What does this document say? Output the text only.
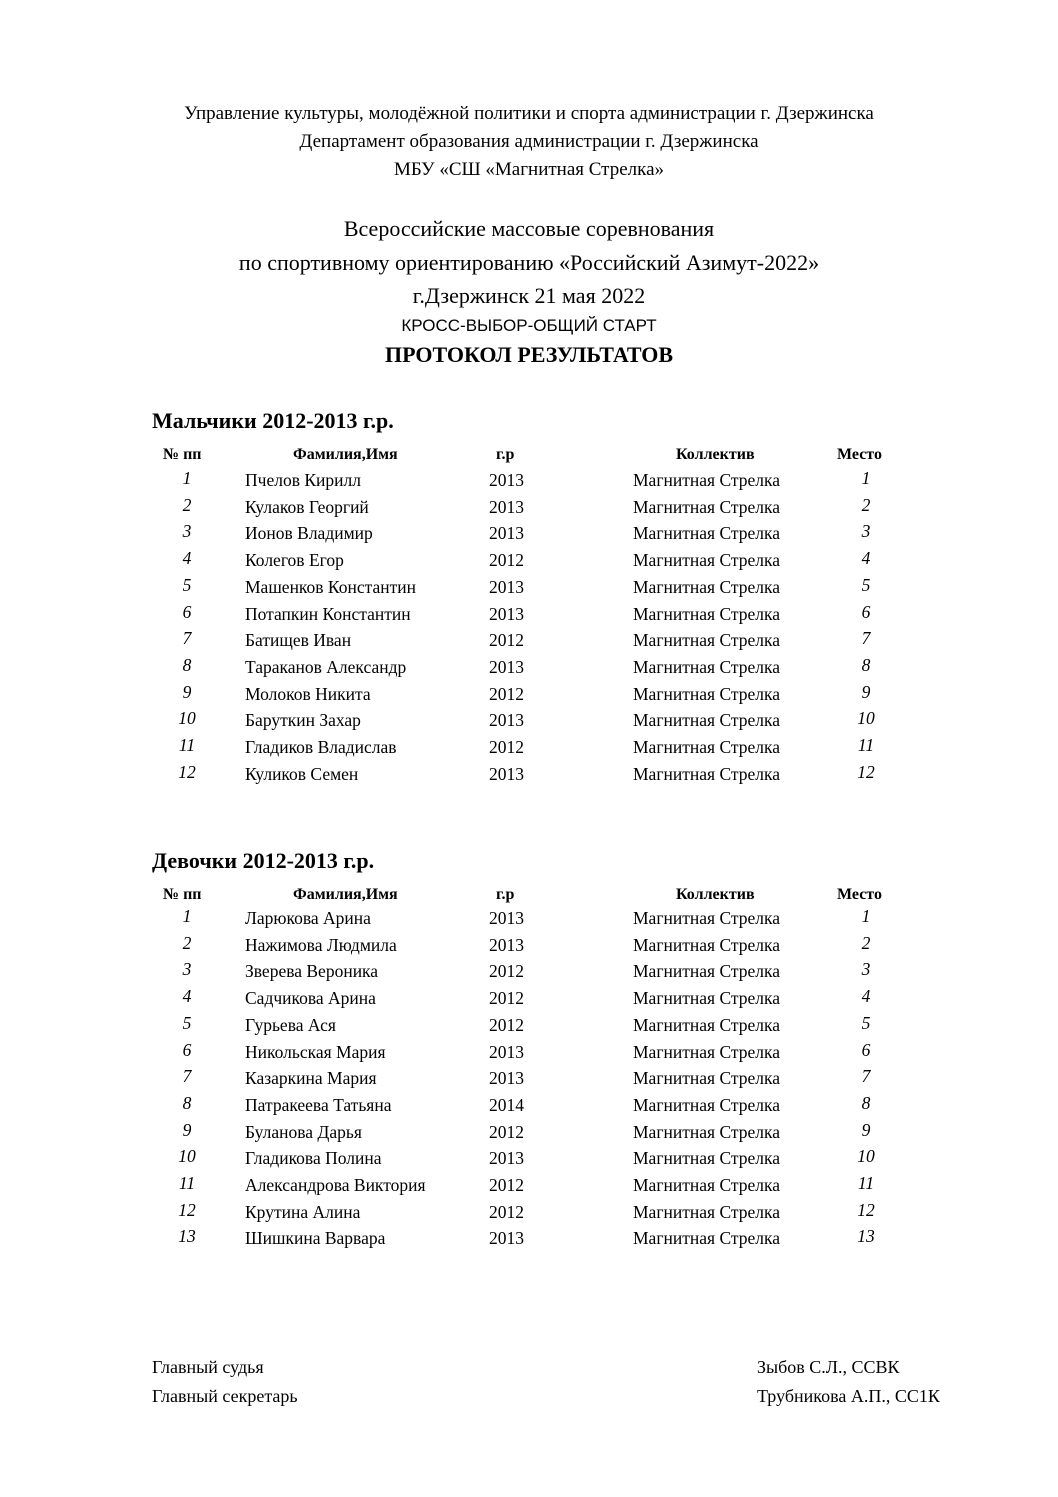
Управление культуры, молодёжной политики и спорта администрации г. Дзержинска
Департамент образования администрации г. Дзержинска
МБУ «СШ «Магнитная Стрелка»
Всероссийские массовые соревнования
по спортивному ориентированию «Российский Азимут-2022»
г.Дзержинск 21 мая 2022
КРОСС-ВЫБОР-ОБЩИЙ СТАРТ
ПРОТОКОЛ РЕЗУЛЬТАТОВ
Мальчики 2012-2013 г.р.
№ пп	Фамилия,Имя	г.р	Коллектив	Место
1	Пчелов Кирилл	2013	Магнитная Стрелка	1
2	Кулаков Георгий	2013	Магнитная Стрелка	2
3	Ионов Владимир	2013	Магнитная Стрелка	3
4	Колегов Егор	2012	Магнитная Стрелка	4
5	Машенков Константин	2013	Магнитная Стрелка	5
6	Потапкин Константин	2013	Магнитная Стрелка	6
7	Батищев Иван	2012	Магнитная Стрелка	7
8	Тараканов Александр	2013	Магнитная Стрелка	8
9	Молоков Никита	2012	Магнитная Стрелка	9
10	Баруткин Захар	2013	Магнитная Стрелка	10
11	Гладиков Владислав	2012	Магнитная Стрелка	11
12	Куликов Семен	2013	Магнитная Стрелка	12
Девочки 2012-2013 г.р.
№ пп	Фамилия,Имя	г.р	Коллектив	Место
1	Ларюкова Арина	2013	Магнитная Стрелка	1
2	Нажимова Людмила	2013	Магнитная Стрелка	2
3	Зверева Вероника	2012	Магнитная Стрелка	3
4	Садчикова Арина	2012	Магнитная Стрелка	4
5	Гурьева Ася	2012	Магнитная Стрелка	5
6	Никольская Мария	2013	Магнитная Стрелка	6
7	Казаркина Мария	2013	Магнитная Стрелка	7
8	Патракеева Татьяна	2014	Магнитная Стрелка	8
9	Буланова Дарья	2012	Магнитная Стрелка	9
10	Гладикова Полина	2013	Магнитная Стрелка	10
11	Александрова Виктория	2012	Магнитная Стрелка	11
12	Крутина Алина	2012	Магнитная Стрелка	12
13	Шишкина Варвара	2013	Магнитная Стрелка	13
Главный судья	Зыбов С.Л., ССВК
Главный секретарь	Трубникова А.П., СС1К
